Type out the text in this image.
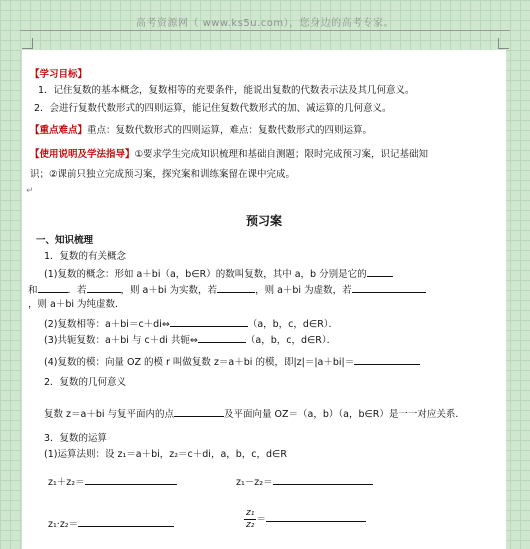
高考资源网（ www.ks5u.com），您身边的高考专家。
【学习目标】
1．记住复数的基本概念，复数相等的充要条件，能说出复数的代数表示法及其几何意义。
2．会进行复数代数形式的四则运算，能记住复数代数形式的加、减运算的几何意义。
【重点难点】重点：复数代数形式的四则运算，难点：复数代数形式的四则运算。
【使用说明及学法指导】①要求学生完成知识梳理和基础自测题；限时完成预习案，识记基础知
识；②课前只独立完成预习案，探究案和训练案留在课中完成。
↵
预习案
一、知识梳理
1．复数的有关概念
(1)复数的概念：形如 a＋bi（a，b∈R）的数叫复数，其中 a，b 分别是它的
和	．若	，则 a＋bi 为实数，若	，则 a＋bi 为虚数，若
，则 a＋bi 为纯虚数．
(2)复数相等：a＋bi＝c＋di⇔	（a，b，c，d∈R）．
(3)共轭复数：a＋bi 与 c＋di 共轭⇔	（a，b，c，d∈R）．
(4)复数的模：向量 OZ 的模 r 叫做复数 z＝a＋bi 的模，即|z|＝|a＋bi|＝
2．复数的几何意义
复数 z＝a＋bi 与复平面内的点	及平面向量 OZ＝（a，b）（a，b∈R）是一一对应关系．
3．复数的运算
(1)运算法则：设 z₁＝a＋bi，z₂＝c＋di，a，b，c，d∈R
z₁＋z₂＝	z₁－z₂＝
z₁·z₂＝	$\frac{\text{z₁}}{\text{z₂}}$ ＝
